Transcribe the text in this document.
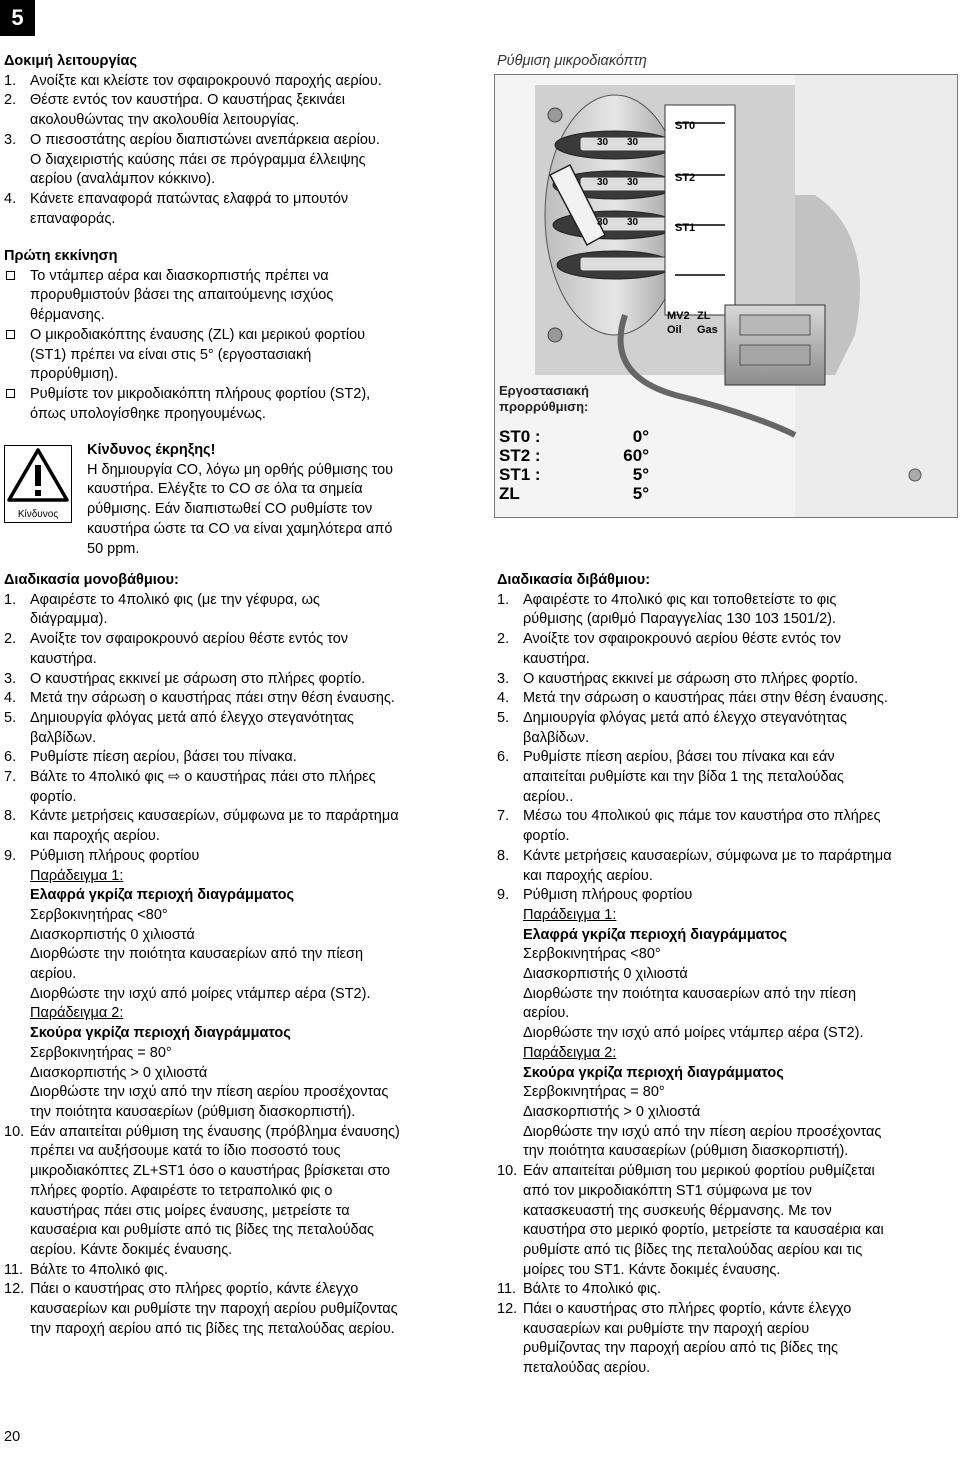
5
Δοκιμή λειτουργίας
1. Ανοίξτε και κλείστε τον σφαιροκρουνό παροχής αερίου.
2. Θέστε εντός τον καυστήρα. Ο καυστήρας ξεκινάει
ακολουθώντας την ακολουθία λειτουργίας.
3. Ο πιεσοστάτης αερίου διαπιστώνει ανεπάρκεια αερίου.
Ο διαχειριστής καύσης πάει σε πρόγραμμα έλλειψης
αερίου (αναλάμπον κόκκινο).
4. Κάνετε επαναφορά πατώντας ελαφρά το μπουτόν
επαναφοράς.
Πρώτη εκκίνηση
Το ντάμπερ αέρα και διασκορπιστής πρέπει να
προρυθμιστούν βάσει της απαιτούμενης ισχύος
θέρμανσης.
Ο μικροδιακόπτης έναυσης (ZL) και μερικού φορτίου
(ST1) πρέπει να είναι στις 5° (εργοστασιακή
προρύθμιση).
Ρυθμίστε τον μικροδιακόπτη πλήρους φορτίου (ST2),
όπως υπολογίσθηκε προηγουμένως.
Κίνδυνος
Κίνδυνος έκρηξης!
Η δημιουργία CO, λόγω μη ορθής ρύθμισης του
καυστήρα. Ελέγξτε το CO σε όλα τα σημεία
ρύθμισης. Εάν διαπιστωθεί CO ρυθμίστε τον
καυστήρα ώστε τα CO να είναι χαμηλότερα από
50 ppm.
Ρύθμιση μικροδιακόπτη
ST0
ST2
ST1
MV2 ZL
Oil Gas
30 30
30 30
30 30
Εργοστασιακή
προρρύθμιση:
ST0 :	0°
ST2 :	60°
ST1 :	5°
ZL	5°
Διαδικασία μονοβάθμιου:
1. Αφαιρέστε το 4πολικό φις (με την γέφυρα, ως
διάγραμμα).
2. Ανοίξτε τον σφαιροκρουνό αερίου θέστε εντός τον
καυστήρα.
3. Ο καυστήρας εκκινεί με σάρωση στο πλήρες φορτίο.
4. Μετά την σάρωση ο καυστήρας πάει στην θέση έναυσης.
5. Δημιουργία φλόγας μετά από έλεγχο στεγανότητας
βαλβίδων.
6. Ρυθμίστε πίεση αερίου, βάσει του πίνακα.
7. Βάλτε το 4πολικό φις ⇨ ο καυστήρας πάει στο πλήρες
φορτίο.
8. Κάντε μετρήσεις καυσαερίων, σύμφωνα με το παράρτημα
και παροχής αερίου.
9. Ρύθμιση πλήρους φορτίου
Παράδειγμα 1:
Ελαφρά γκρίζα περιοχή διαγράμματος
Σερβοκινητήρας <80°
Διασκορπιστής 0 χιλιοστά
Διορθώστε την ποιότητα καυσαερίων από την πίεση
αερίου.
Διορθώστε την ισχύ από μοίρες ντάμπερ αέρα (ST2).
Παράδειγμα 2:
Σκούρα γκρίζα περιοχή διαγράμματος
Σερβοκινητήρας = 80°
Διασκορπιστής > 0 χιλιοστά
Διορθώστε την ισχύ από την πίεση αερίου προσέχοντας
την ποιότητα καυσαερίων (ρύθμιση διασκορπιστή).
10. Εάν απαιτείται ρύθμιση της έναυσης (πρόβλημα έναυσης)
πρέπει να αυξήσουμε κατά το ίδιο ποσοστό τους
μικροδιακόπτες ZL+ST1 όσο ο καυστήρας βρίσκεται στο
πλήρες φορτίο. Αφαιρέστε το τετραπολικό φις ο
καυστήρας πάει στις μοίρες έναυσης, μετρείστε τα
καυσαέρια και ρυθμίστε από τις βίδες της πεταλούδας
αερίου. Κάντε δοκιμές έναυσης.
11. Βάλτε το 4πολικό φις.
12. Πάει ο καυστήρας στο πλήρες φορτίο, κάντε έλεγχο
καυσαερίων και ρυθμίστε την παροχή αερίου ρυθμίζοντας
την παροχή αερίου από τις βίδες της πεταλούδας αερίου.
Διαδικασία διβάθμιου:
1. Αφαιρέστε το 4πολικό φις και τοποθετείστε το φις
ρύθμισης (αριθμό Παραγγελίας 130 103 1501/2).
2. Ανοίξτε τον σφαιροκρουνό αερίου θέστε εντός τον
καυστήρα.
3. Ο καυστήρας εκκινεί με σάρωση στο πλήρες φορτίο.
4. Μετά την σάρωση ο καυστήρας πάει στην θέση έναυσης.
5. Δημιουργία φλόγας μετά από έλεγχο στεγανότητας
βαλβίδων.
6. Ρυθμίστε πίεση αερίου, βάσει του πίνακα και εάν
απαιτείται ρυθμίστε και την βίδα 1 της πεταλούδας
αερίου..
7. Μέσω του 4πολικού φις πάμε τον καυστήρα στο πλήρες
φορτίο.
8. Κάντε μετρήσεις καυσαερίων, σύμφωνα με το παράρτημα
και παροχής αερίου.
9. Ρύθμιση πλήρους φορτίου
Παράδειγμα 1:
Ελαφρά γκρίζα περιοχή διαγράμματος
Σερβοκινητήρας <80°
Διασκορπιστής 0 χιλιοστά
Διορθώστε την ποιότητα καυσαερίων από την πίεση
αερίου.
Διορθώστε την ισχύ από μοίρες ντάμπερ αέρα (ST2).
Παράδειγμα 2:
Σκούρα γκρίζα περιοχή διαγράμματος
Σερβοκινητήρας = 80°
Διασκορπιστής > 0 χιλιοστά
Διορθώστε την ισχύ από την πίεση αερίου προσέχοντας
την ποιότητα καυσαερίων (ρύθμιση διασκορπιστή).
10. Εάν απαιτείται ρύθμιση του μερικού φορτίου ρυθμίζεται
από τον μικροδιακόπτη ST1 σύμφωνα με τον
κατασκευαστή της συσκευής θέρμανσης. Με τον
καυστήρα στο μερικό φορτίο, μετρείστε τα καυσαέρια και
ρυθμίστε από τις βίδες της πεταλούδας αερίου και τις
μοίρες του ST1. Κάντε δοκιμές έναυσης.
11. Βάλτε το 4πολικό φις.
12. Πάει ο καυστήρας στο πλήρες φορτίο, κάντε έλεγχο
καυσαερίων και ρυθμίστε την παροχή αερίου
ρυθμίζοντας την παροχή αερίου από τις βίδες της
πεταλούδας αερίου.
20
